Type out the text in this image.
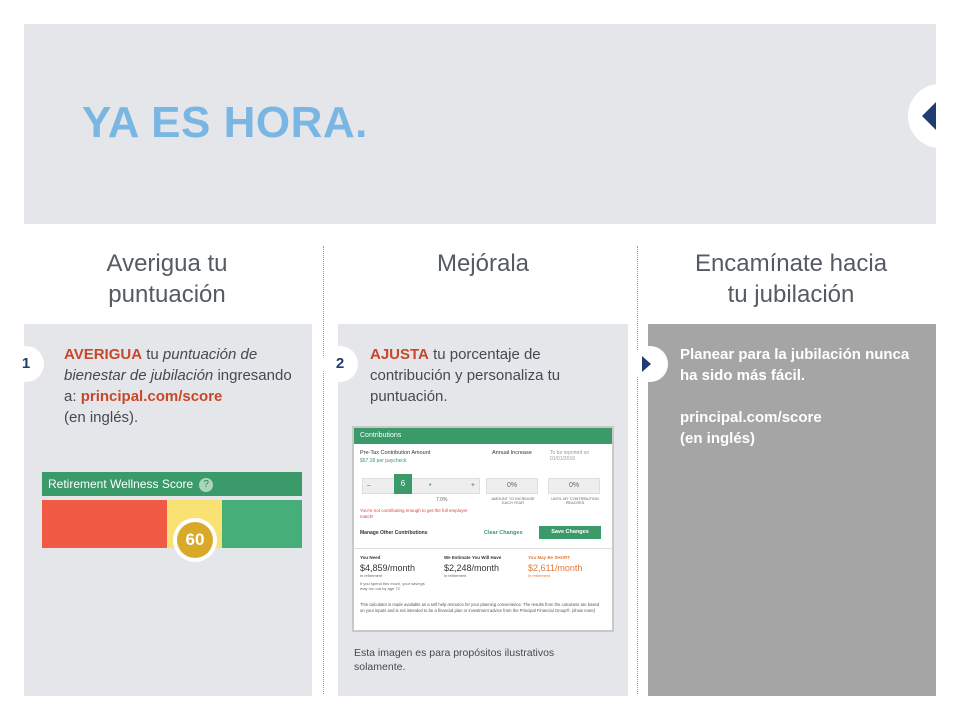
YA ES HORA.
Averigua tu
puntuación
Mejórala	Encamínate hacia
tu jubilación
1
AVERIGUA tu puntuación de bienestar de jubilación ingresando a: principal.com/score
(en inglés).
Retirement Wellness Score ?
60
2
AJUSTA tu porcentaje de contribución y personaliza tu puntuación.
Contributions
Pre-Tax Contribution Amount
$67.28 per paycheck
Annual Increase	To be reported on 01/01/2016
–	•	+
6
7.0%
0%
AMOUNT TO INCREASE EACH YEAR
0%
UNTIL MY CONTRIBUTION REACHES
You're not contributing enough to get the full employer match!
Manage Other Contributions	Clear Changes	Save Changes
You Need
$4,859/month
in retirement
If you spend this much, your savings may run out by age 72
We Estimate You Will Have
$2,248/month
in retirement
You May Be SHORT
$2,611/month
in retirement
This calculator is made available as a self help resource for your planning convenience. The results from the calculator are based on your inputs and is not intended to be a financial plan or investment advice from the Principal Financial Group®. (show more)
Esta imagen es para propósitos ilustrativos solamente.
Planear para la jubilación nunca ha sido más fácil.
principal.com/score
(en inglés)
